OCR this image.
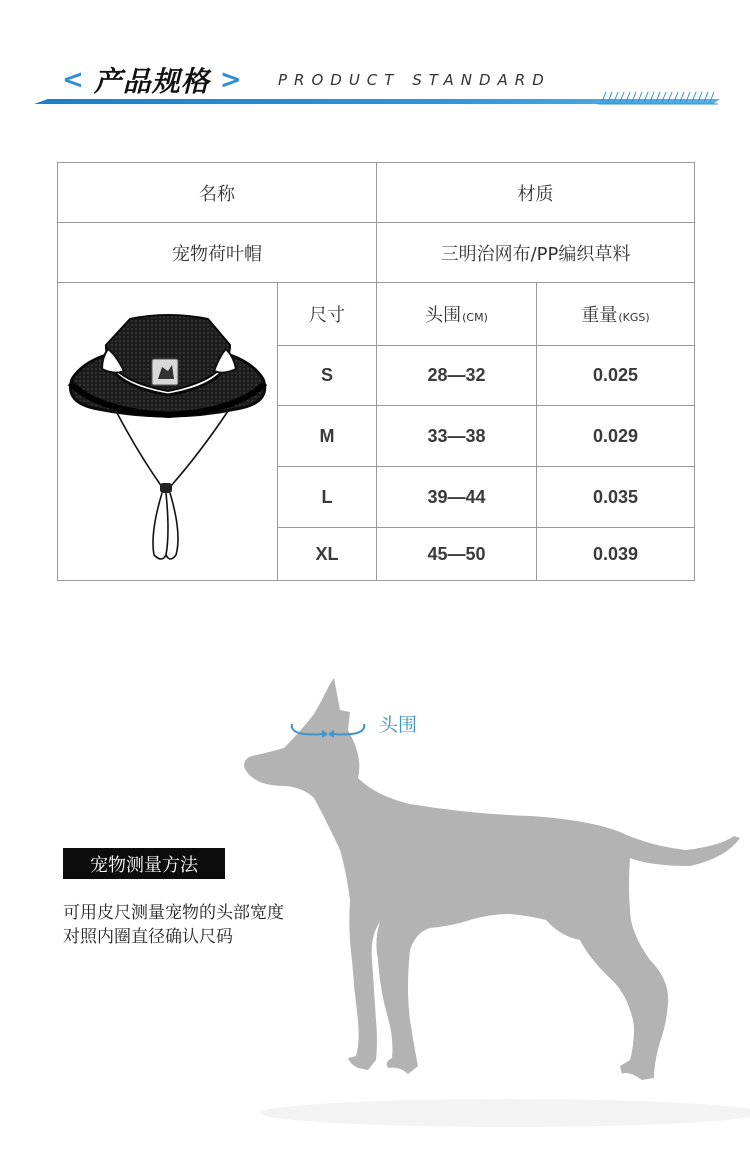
< 产品规格 > PRODUCT STANDARD
名称	材质
宠物荷叶帽	三明治网布/PP编织草料
尺寸	头围 (CM)	重量 (KGS)
S	28—32	0.025
M	33—38	0.029
L	39—44	0.035
XL	45—50	0.039
头围
宠物测量方法
可用皮尺测量宠物的头部宽度
对照内圈直径确认尺码
